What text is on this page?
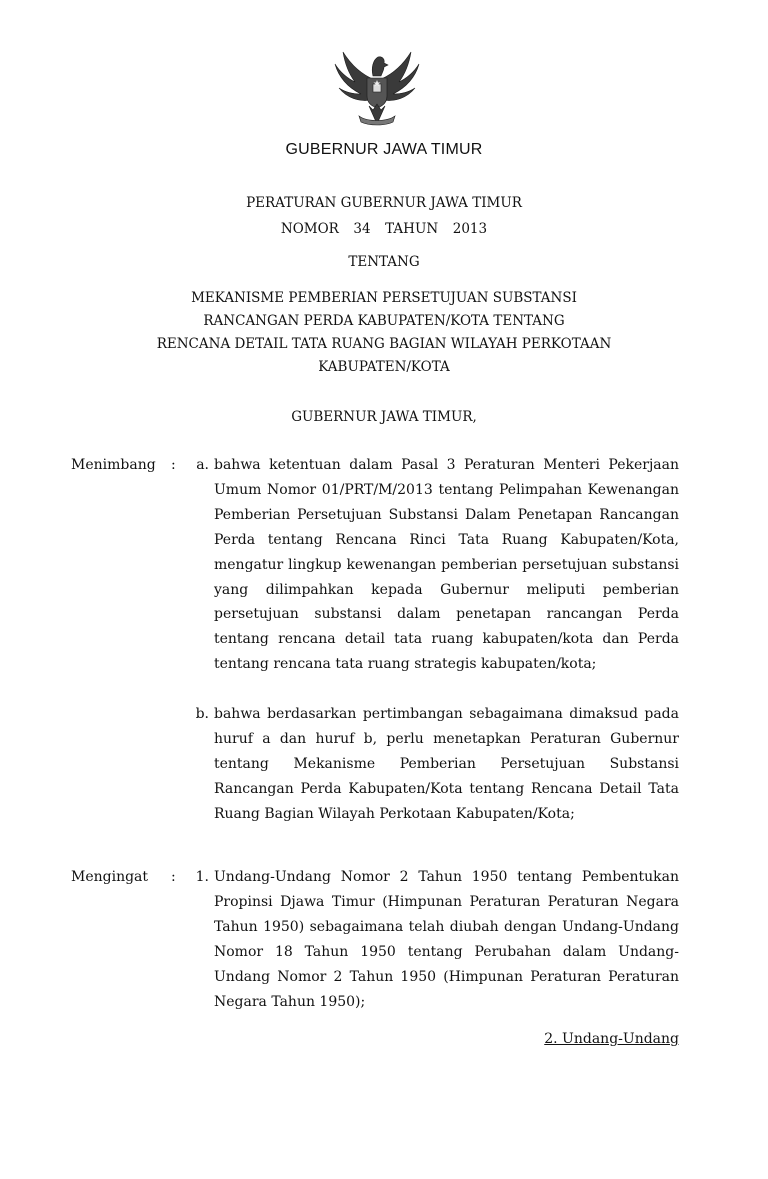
GUBERNUR JAWA TIMUR
PERATURAN GUBERNUR JAWA TIMUR
NOMOR  34  TAHUN  2013
TENTANG
MEKANISME PEMBERIAN PERSETUJUAN SUBSTANSI
RANCANGAN PERDA KABUPATEN/KOTA TENTANG
RENCANA DETAIL TATA RUANG BAGIAN WILAYAH PERKOTAAN
KABUPATEN/KOTA
GUBERNUR JAWA TIMUR,
Menimbang :	a. bahwa ketentuan dalam Pasal 3 Peraturan Menteri Pekerjaan Umum Nomor 01/PRT/M/2013 tentang Pelimpahan Kewenangan Pemberian Persetujuan Substansi Dalam Penetapan Rancangan Perda tentang Rencana Rinci Tata Ruang Kabupaten/Kota, mengatur lingkup kewenangan pemberian persetujuan substansi yang dilimpahkan kepada Gubernur meliputi pemberian persetujuan substansi dalam penetapan rancangan Perda tentang rencana detail tata ruang kabupaten/kota dan Perda tentang rencana tata ruang strategis kabupaten/kota;
b. bahwa berdasarkan pertimbangan sebagaimana dimaksud pada huruf a dan huruf b, perlu menetapkan Peraturan Gubernur tentang Mekanisme Pemberian Persetujuan Substansi Rancangan Perda Kabupaten/Kota tentang Rencana Detail Tata Ruang Bagian Wilayah Perkotaan Kabupaten/Kota;
Mengingat :	1. Undang-Undang Nomor 2 Tahun 1950 tentang Pembentukan Propinsi Djawa Timur (Himpunan Peraturan Peraturan Negara Tahun 1950) sebagaimana telah diubah dengan Undang-Undang Nomor 18 Tahun 1950 tentang Perubahan dalam Undang-Undang Nomor 2 Tahun 1950 (Himpunan Peraturan Peraturan Negara Tahun 1950);
2. Undang-Undang
